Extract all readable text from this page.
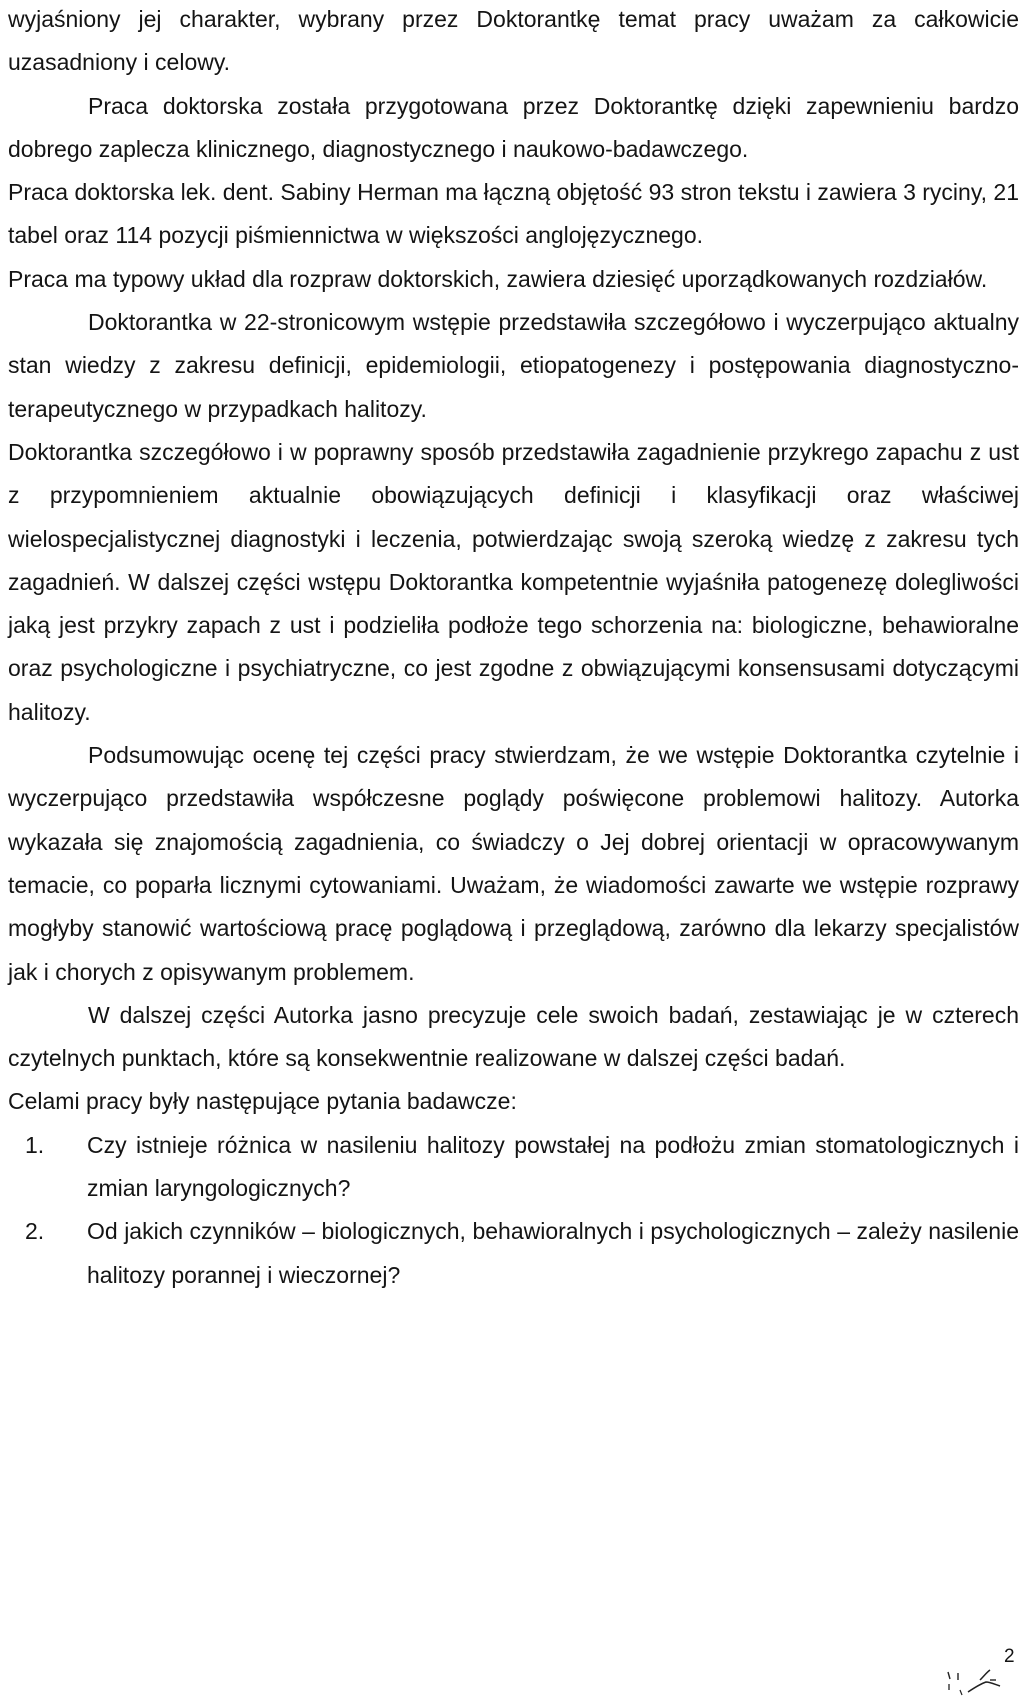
wyjaśniony jej charakter, wybrany przez Doktorantkę temat pracy uważam za całkowicie uzasadniony i celowy.

Praca doktorska została przygotowana przez Doktorantkę dzięki zapewnieniu bardzo dobrego zaplecza klinicznego, diagnostycznego i naukowo-badawczego.

Praca doktorska lek. dent. Sabiny Herman ma łączną objętość 93 stron tekstu i zawiera 3 ryciny, 21 tabel oraz 114 pozycji piśmiennictwa w większości anglojęzycznego.

Praca ma typowy układ dla rozpraw doktorskich, zawiera dziesięć uporządkowanych rozdziałów.

Doktorantka w 22-stronicowym wstępie przedstawiła szczegółowo i wyczerpująco aktualny stan wiedzy z zakresu definicji, epidemiologii, etiopatogenezy i postępowania diagnostyczno-terapeutycznego w przypadkach halitozy.

Doktorantka szczegółowo i w poprawny sposób przedstawiła zagadnienie przykrego zapachu z ust z przypomnieniem aktualnie obowiązujących definicji i klasyfikacji oraz właściwej wielospecjalistycznej diagnostyki i leczenia, potwierdzając swoją szeroką wiedzę z zakresu tych zagadnień. W dalszej części wstępu Doktorantka kompetentnie wyjaśniła patogenezę dolegliwości jaką jest przykry zapach z ust i podzieliła podłoże tego schorzenia na: biologiczne, behawioralne oraz psychologiczne i psychiatryczne, co jest zgodne z obwiązującymi konsensusami dotyczącymi halitozy.

Podsumowując ocenę tej części pracy stwierdzam, że we wstępie Doktorantka czytelnie i wyczerpująco przedstawiła współczesne poglądy poświęcone problemowi halitozy. Autorka wykazała się znajomością zagadnienia, co świadczy o Jej dobrej orientacji w opracowywanym temacie, co poparła licznymi cytowaniami. Uważam, że wiadomości zawarte we wstępie rozprawy mogłyby stanowić wartościową pracę poglądową i przeglądową, zarówno dla lekarzy specjalistów jak i chorych z opisywanym problemem.

W dalszej części Autorka jasno precyzuje cele swoich badań, zestawiając je w czterech czytelnych punktach, które są konsekwentnie realizowane w dalszej części badań.

Celami pracy były następujące pytania badawcze:

1. Czy istnieje różnica w nasileniu halitozy powstałej na podłożu zmian stomatologicznych i zmian laryngologicznych?
2. Od jakich czynników – biologicznych, behawioralnych i psychologicznych – zależy nasilenie halitozy porannej i wieczornej?
2
